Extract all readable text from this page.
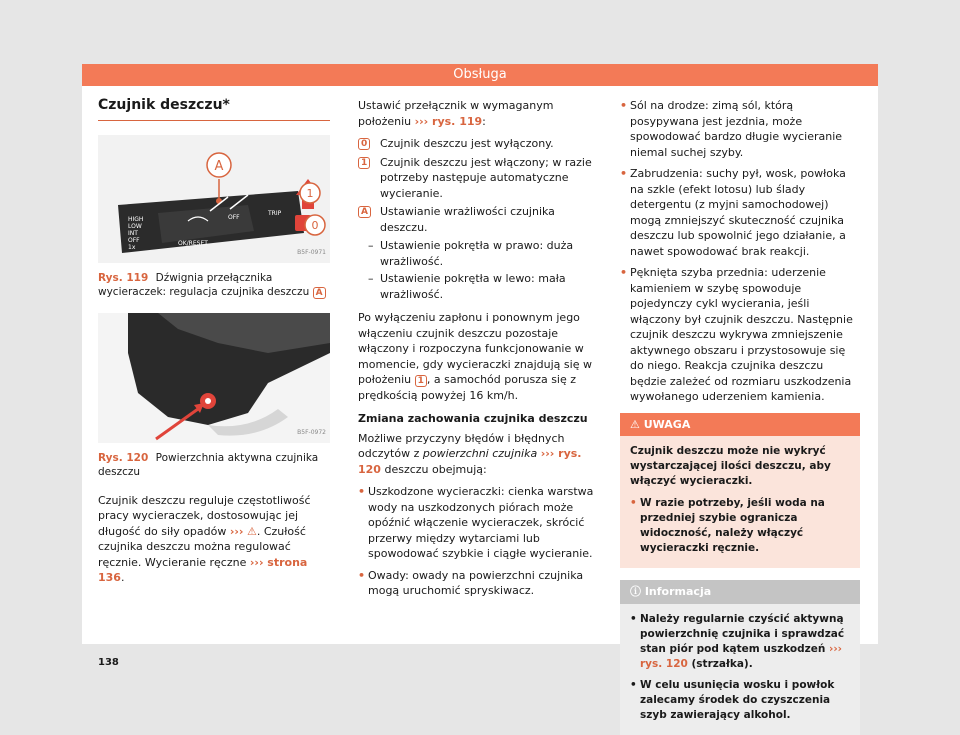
Obsługa
Czujnik deszczu*
A
1
0
HIGH
LOW
INT
OFF
1x
OK/RESET
OFF
TRIP
B5F-0971
Rys. 119 Dźwignia przełącznika wycieraczek: regulacja czujnika deszczu A
B5F-0972
Rys. 120 Powierzchnia aktywna czujnika deszczu

Czujnik deszczu reguluje częstotliwość pracy wycieraczek, dostosowując jej długość do siły opadów ››› ⚠. Czułość czujnika deszczu można regulować ręcznie. Wycieranie ręczne ››› strona 136.

138

Ustawić przełącznik w wymaganym położeniu ››› rys. 119:

0 Czujnik deszczu jest wyłączony.
1 Czujnik deszczu jest włączony; w razie potrzeby następuje automatyczne wycieranie.
A Ustawianie wrażliwości czujnika deszczu.
– Ustawienie pokrętła w prawo: duża wrażliwość.
– Ustawienie pokrętła w lewo: mała wrażliwość.

Po wyłączeniu zapłonu i ponownym jego włączeniu czujnik deszczu pozostaje włączony i rozpoczyna funkcjonowanie w momencie, gdy wycieraczki znajdują się w położeniu 1 , a samochód porusza się z prędkością powyżej 16 km/h.

Zmiana zachowania czujnika deszczu

Możliwe przyczyny błędów i błędnych odczytów z powierzchni czujnika ››› rys. 120 deszczu obejmują:

• Uszkodzone wycieraczki: cienka warstwa wody na uszkodzonych piórach może opóźnić włączenie wycieraczek, skrócić przerwy między wytarciami lub spowodować szybkie i ciągłe wycieranie.
• Owady: owady na powierzchni czujnika mogą uruchomić spryskiwacz.
• Sól na drodze: zimą sól, którą posypywana jest jezdnia, może spowodować bardzo długie wycieranie niemal suchej szyby.
• Zabrudzenia: suchy pył, wosk, powłoka na szkle (efekt lotosu) lub ślady detergentu (z myjni samochodowej) mogą zmniejszyć skuteczność czujnika deszczu lub spowolnić jego działanie, a nawet spowodować brak reakcji.
• Pęknięta szyba przednia: uderzenie kamieniem w szybę spowoduje pojedynczy cykl wycierania, jeśli włączony był czujnik deszczu. Następnie czujnik deszczu wykrywa zmniejszenie aktywnego obszaru i przystosowuje się do niego. Reakcja czujnika deszczu będzie zależeć od rozmiaru uszkodzenia wywołanego uderzeniem kamienia.
⚠ UWAGA

Czujnik deszczu może nie wykryć wystarczającej ilości deszczu, aby włączyć wycieraczki.

• W razie potrzeby, jeśli woda na przedniej szybie ogranicza widoczność, należy włączyć wycieraczki ręcznie.
ⓘ Informacja
• Należy regularnie czyścić aktywną powierzchnię czujnika i sprawdzać stan piór pod kątem uszkodzeń ››› rys. 120 (strzałka).
• W celu usunięcia wosku i powłok zalecamy środek do czyszczenia szyb zawierający alkohol.
